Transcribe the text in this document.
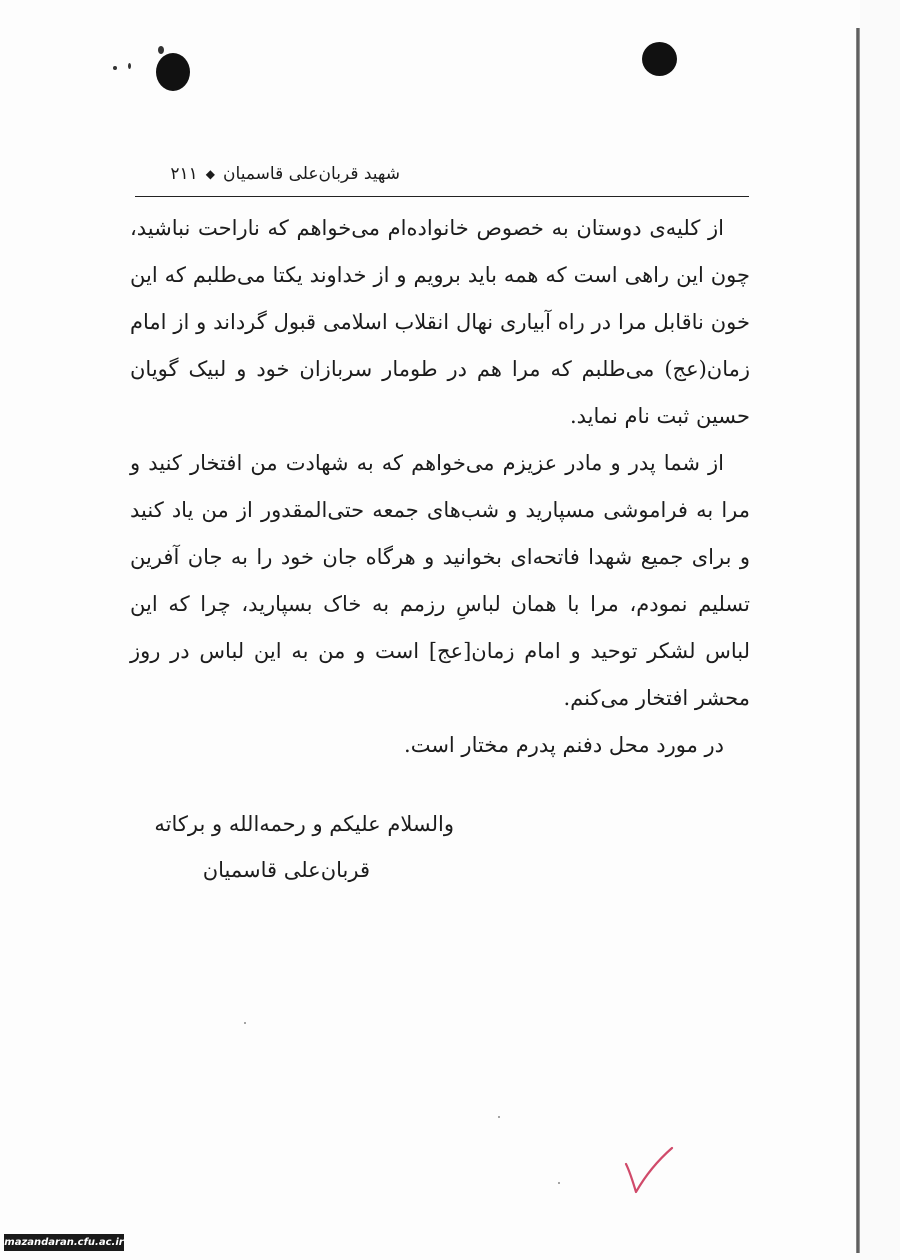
شهید قربان‌علی قاسمیان
◆
۲۱۱

از کلیه‌ی دوستان به خصوص خانواده‌ام می‌خواهم که ناراحت نباشید، چون این راهی است که همه باید برویم و از خداوند یکتا می‌طلبم که این خون ناقابل مرا در راه آبیاری نهال انقلاب اسلامی قبول گرداند و از امام زمان(عج) می‌طلبم که مرا هم در طومار سربازان خود و لبیک گویان حسین ثبت نام نماید.

از شما پدر و مادر عزیزم می‌خواهم که به شهادت من افتخار کنید و مرا به فراموشی مسپارید و شب‌های جمعه حتی‌المقدور از من یاد کنید و برای جمیع شهدا فاتحه‌ای بخوانید و هرگاه جان خود را به جان آفرین تسلیم نمودم، مرا با همان لباسِ رزمم به خاک بسپارید، چرا که این لباس لشکر توحید و امام زمان[عج] است و من به این لباس در روز محشر افتخار می‌کنم.

در مورد محل دفنم پدرم مختار است.

والسلام علیکم و رحمه‌الله و برکاته
قربان‌علی قاسمیان
mazandaran.cfu.ac.ir
